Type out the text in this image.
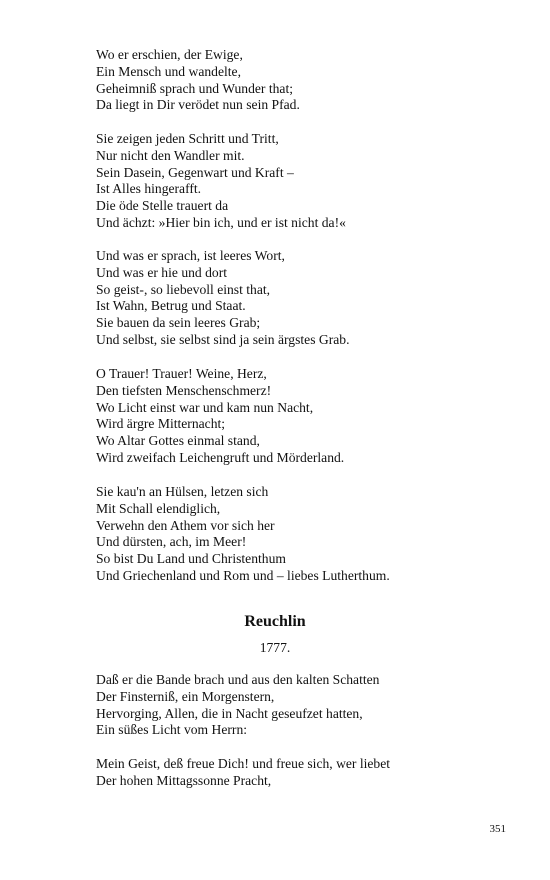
Wo er erschien, der Ewige,
Ein Mensch und wandelte,
Geheimniß sprach und Wunder that;
Da liegt in Dir verödet nun sein Pfad.
Sie zeigen jeden Schritt und Tritt,
Nur nicht den Wandler mit.
Sein Dasein, Gegenwart und Kraft –
Ist Alles hingerafft.
Die öde Stelle trauert da
Und ächzt: »Hier bin ich, und er ist nicht da!«
Und was er sprach, ist leeres Wort,
Und was er hie und dort
So geist-, so liebevoll einst that,
Ist Wahn, Betrug und Staat.
Sie bauen da sein leeres Grab;
Und selbst, sie selbst sind ja sein ärgstes Grab.
O Trauer! Trauer! Weine, Herz,
Den tiefsten Menschenschmerz!
Wo Licht einst war und kam nun Nacht,
Wird ärgre Mitternacht;
Wo Altar Gottes einmal stand,
Wird zweifach Leichengruft und Mörderland.
Sie kau'n an Hülsen, letzen sich
Mit Schall elendiglich,
Verwehn den Athem vor sich her
Und dürsten, ach, im Meer!
So bist Du Land und Christenthum
Und Griechenland und Rom und – liebes Lutherthum.
Reuchlin
1777.
Daß er die Bande brach und aus den kalten Schatten
Der Finsterniß, ein Morgenstern,
Hervorging, Allen, die in Nacht geseufzet hatten,
Ein süßes Licht vom Herrn:
Mein Geist, deß freue Dich! und freue sich, wer liebet
Der hohen Mittagssonne Pracht,
351
